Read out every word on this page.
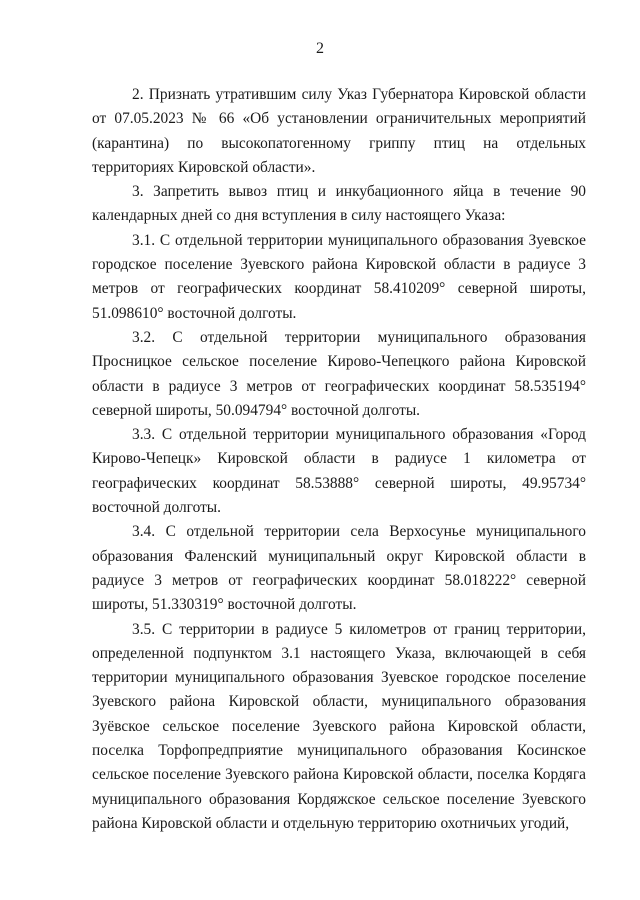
2

2. Признать утратившим силу Указ Губернатора Кировской области от 07.05.2023 № 66 «Об установлении ограничительных мероприятий (карантина) по высокопатогенному гриппу птиц на отдельных территориях Кировской области».

3. Запретить вывоз птиц и инкубационного яйца в течение 90 календарных дней со дня вступления в силу настоящего Указа:

3.1. С отдельной территории муниципального образования Зуевское городское поселение Зуевского района Кировской области в радиусе 3 метров от географических координат 58.410209° северной широты, 51.098610° восточной долготы.

3.2. С отдельной территории муниципального образования Просницкое сельское поселение Кирово-Чепецкого района Кировской области в радиусе 3 метров от географических координат 58.535194° северной широты, 50.094794° восточной долготы.

3.3. С отдельной территории муниципального образования «Город Кирово-Чепецк» Кировской области в радиусе 1 километра от географических координат 58.53888° северной широты, 49.95734° восточной долготы.

3.4. С отдельной территории села Верхосунье муниципального образования Фаленский муниципальный округ Кировской области в радиусе 3 метров от географических координат 58.018222° северной широты, 51.330319° восточной долготы.

3.5. С территории в радиусе 5 километров от границ территории, определенной подпунктом 3.1 настоящего Указа, включающей в себя территории муниципального образования Зуевское городское поселение Зуевского района Кировской области, муниципального образования Зуёвское сельское поселение Зуевского района Кировской области, поселка Торфопредприятие муниципального образования Косинское сельское поселение Зуевского района Кировской области, поселка Кордяга муниципального образования Кордяжское сельское поселение Зуевского района Кировской области и отдельную территорию охотничьих угодий,
